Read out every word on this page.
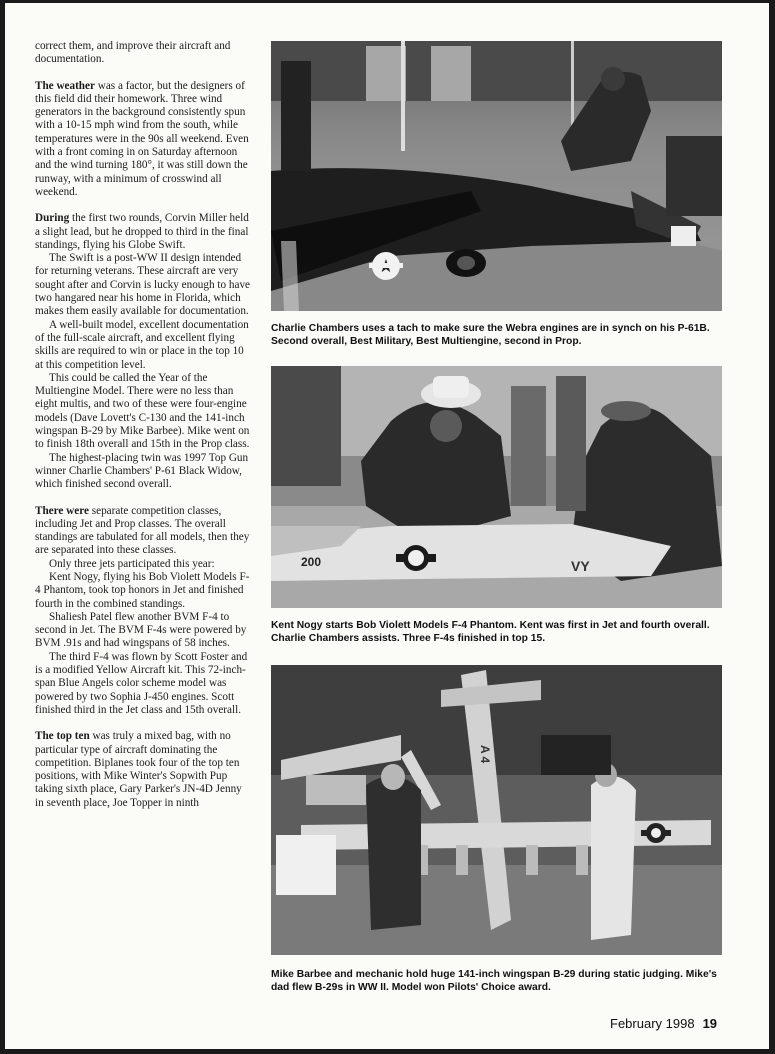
correct them, and improve their aircraft and documentation.

The weather was a factor, but the designers of this field did their homework. Three wind generators in the background consistently spun with a 10-15 mph wind from the south, while temperatures were in the 90s all weekend. Even with a front coming in on Saturday afternoon and the wind turning 180°, it was still down the runway, with a minimum of crosswind all weekend.

During the first two rounds, Corvin Miller held a slight lead, but he dropped to third in the final standings, flying his Globe Swift.

The Swift is a post-WW II design intended for returning veterans. These aircraft are very sought after and Corvin is lucky enough to have two hangared near his home in Florida, which makes them easily available for documentation.

A well-built model, excellent documentation of the full-scale aircraft, and excellent flying skills are required to win or place in the top 10 at this competition level.

This could be called the Year of the Multiengine Model. There were no less than eight multis, and two of these were four-engine models (Dave Lovett's C-130 and the 141-inch wingspan B-29 by Mike Barbee). Mike went on to finish 18th overall and 15th in the Prop class.

The highest-placing twin was 1997 Top Gun winner Charlie Chambers' P-61 Black Widow, which finished second overall.

There were separate competition classes, including Jet and Prop classes. The overall standings are tabulated for all models, then they are separated into these classes.

Only three jets participated this year:

Kent Nogy, flying his Bob Violett Models F-4 Phantom, took top honors in Jet and finished fourth in the combined standings.

Shaliesh Patel flew another BVM F-4 to second in Jet. The BVM F-4s were powered by BVM .91s and had wingspans of 58 inches.

The third F-4 was flown by Scott Foster and is a modified Yellow Aircraft kit. This 72-inch-span Blue Angels color scheme model was powered by two Sophia J-450 engines. Scott finished third in the Jet class and 15th overall.

The top ten was truly a mixed bag, with no particular type of aircraft dominating the competition. Biplanes took four of the top ten positions, with Mike Winter's Sopwith Pup taking sixth place, Gary Parker's JN-4D Jenny in seventh place, Joe Topper in ninth

Charlie Chambers uses a tach to make sure the Webra engines are in synch on his P-61B. Second overall, Best Military, Best Multiengine, second in Prop.
200	VY
Kent Nogy starts Bob Violett Models F-4 Phantom. Kent was first in Jet and fourth overall. Charlie Chambers assists. Three F-4s finished in top 15.
A 4
Mike Barbee and mechanic hold huge 141-inch wingspan B-29 during static judging. Mike's dad flew B-29s in WW II. Model won Pilots' Choice award.
February 1998 19
